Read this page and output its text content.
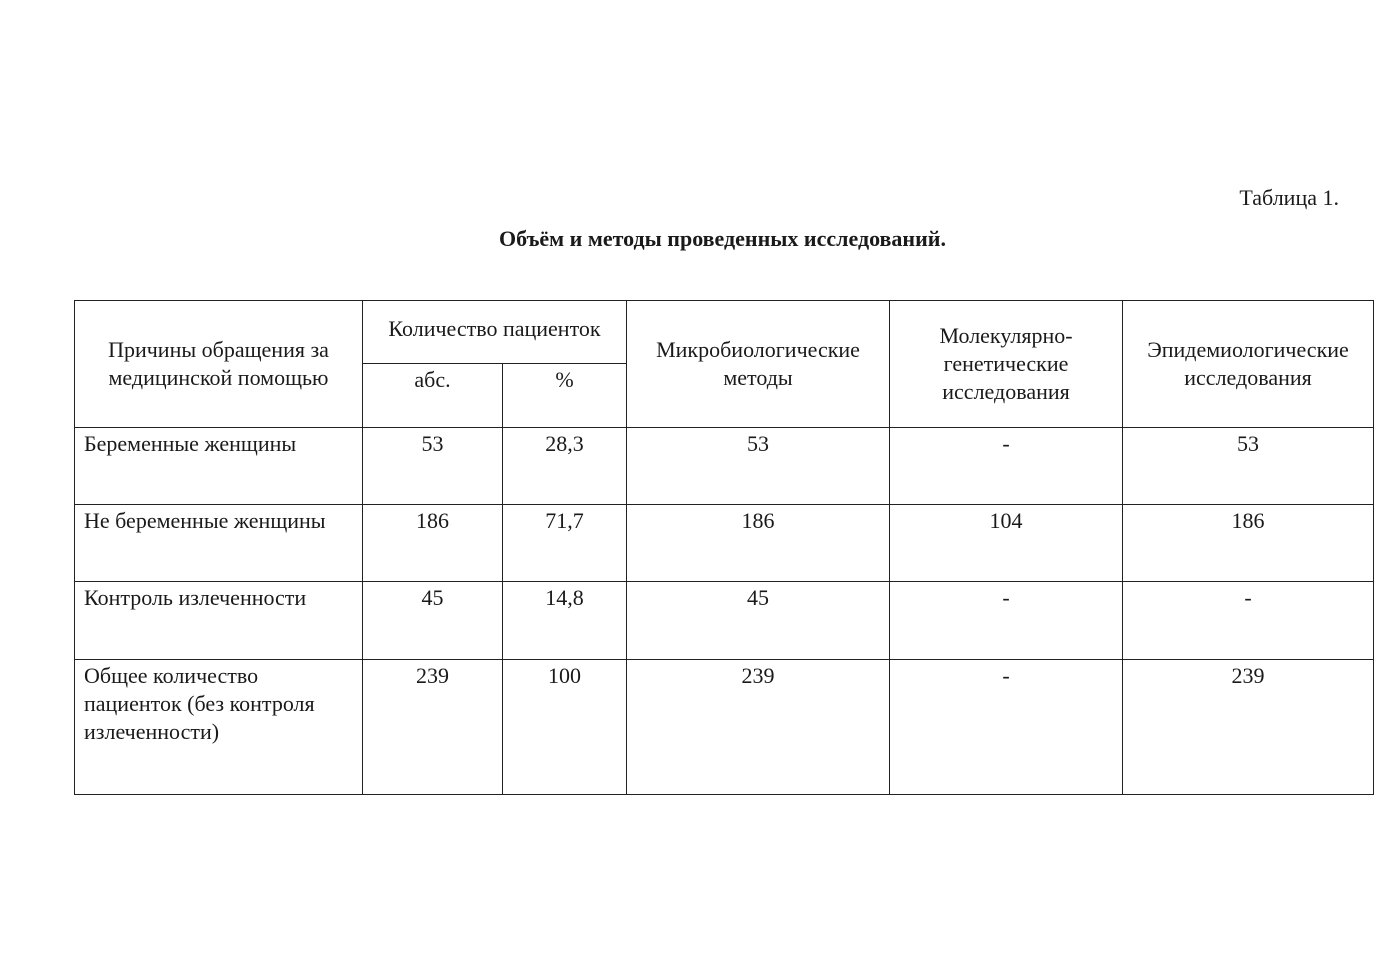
Таблица 1.
Объём и методы проведенных исследований.
Причины обращения за медицинской помощью	Количество пациенток		Микробиологические методы	Молекулярно-генетические исследования	Эпидемиологические исследования
	абс.	%			
Беременные женщины	53	28,3	53	-	53
Не беременные женщины	186	71,7	186	104	186
Контроль излеченности	45	14,8	45	-	-
Общее количество пациенток (без контроля излеченности)	239	100	239	-	239
